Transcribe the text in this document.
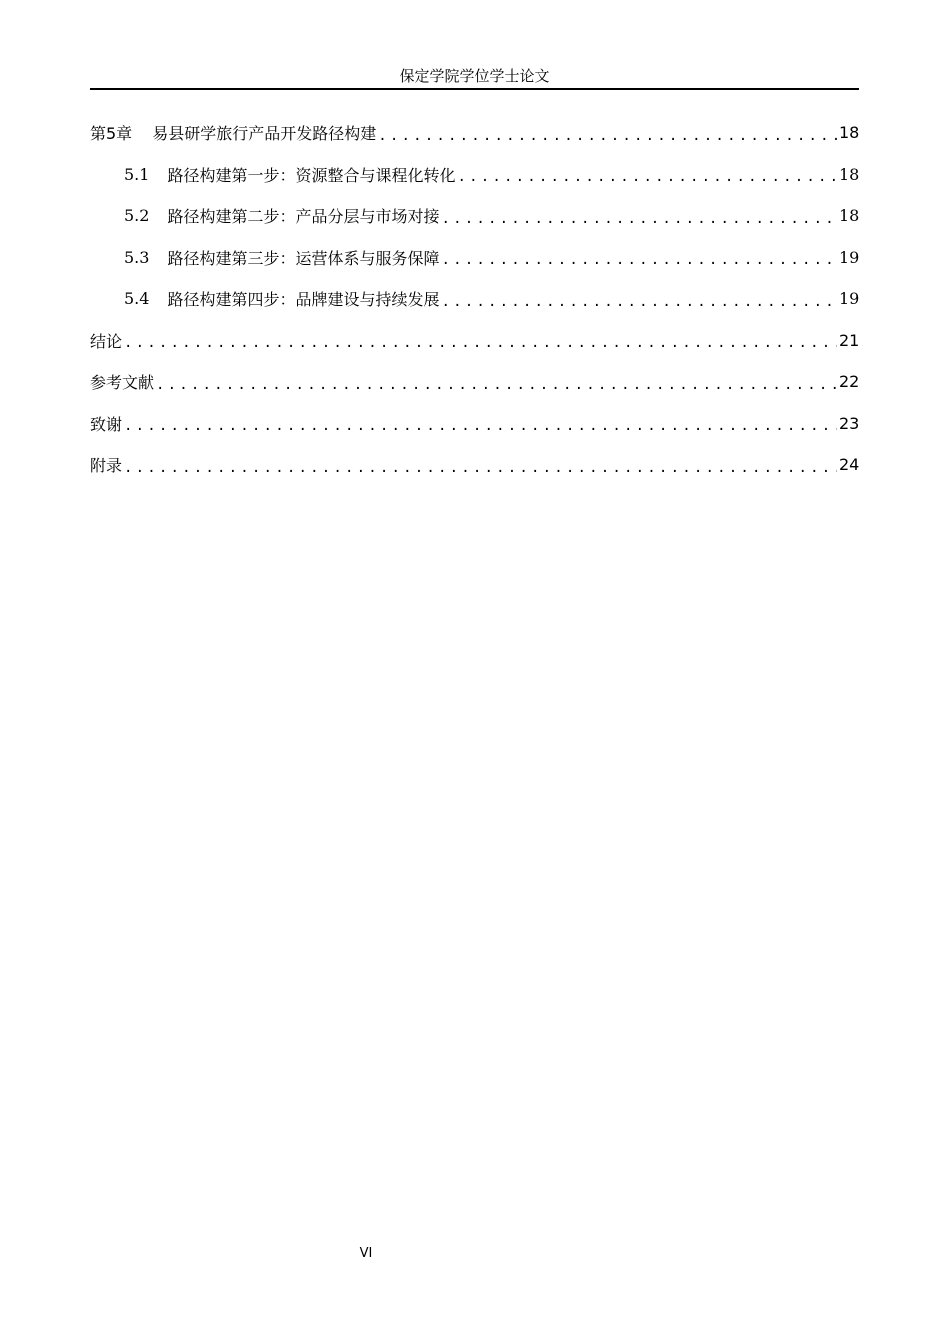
保定学院学位学士论文
第5章 易县研学旅行产品开发路径构建 .....	18
5.1 路径构建第一步：资源整合与课程化转化 .....	18
5.2 路径构建第二步：产品分层与市场对接 .....	18
5.3 路径构建第三步：运营体系与服务保障 .....	19
5.4 路径构建第四步：品牌建设与持续发展 .....	19
结论 .....	21
参考文献 .....	22
致谢 .....	23
附录 .....	24
VI
